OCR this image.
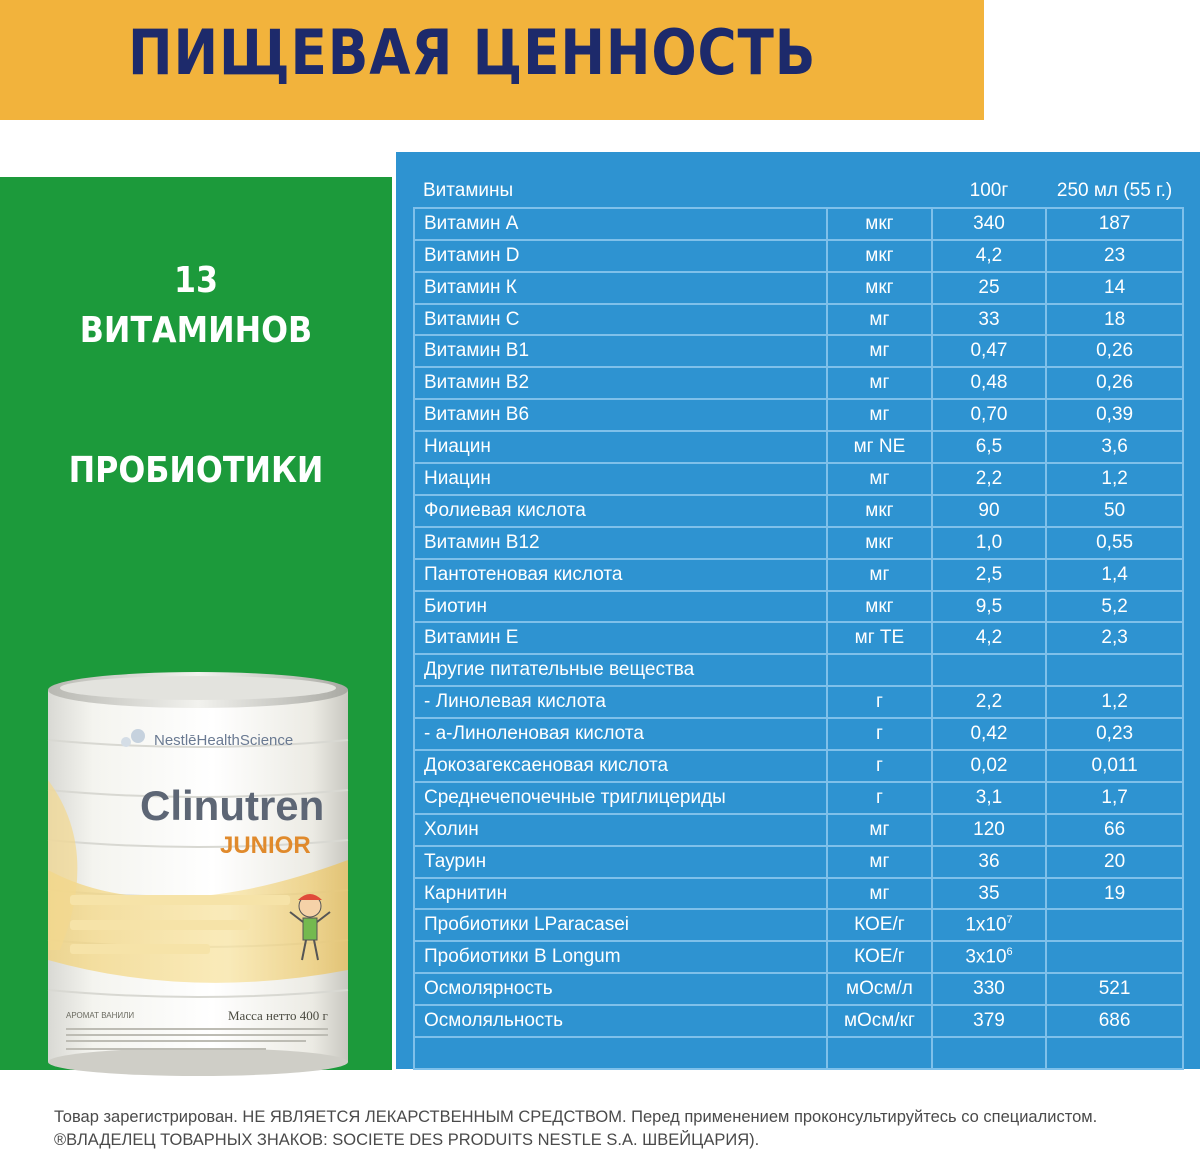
ПИЩЕВАЯ ЦЕННОСТЬ
13
ВИТАМИНОВ
ПРОБИОТИКИ
NestlēHealthScience
Clinutren
JUNIOR
АРОМАТ ВАНИЛИ	Масса нетто 400 г
Витамины		100г	250 мл (55 г.)
Витамин А	мкг	340	187
Витамин D	мкг	4,2	23
Витамин К	мкг	25	14
Витамин С	мг	33	18
Витамин В1	мг	0,47	0,26
Витамин В2	мг	0,48	0,26
Витамин В6	мг	0,70	0,39
Ниацин	мг NE	6,5	3,6
Ниацин	мг	2,2	1,2
Фолиевая кислота	мкг	90	50
Витамин В12	мкг	1,0	0,55
Пантотеновая кислота	мг	2,5	1,4
Биотин	мкг	9,5	5,2
Витамин Е	мг ТЕ	4,2	2,3
Другие питательные вещества			
- Линолевая кислота	г	2,2	1,2
- а-Линоленовая кислота	г	0,42	0,23
Докозагексаеновая кислота	г	0,02	0,011
Среднечепочечные триглицериды	г	3,1	1,7
Холин	мг	120	66
Таурин	мг	36	20
Карнитин	мг	35	19
Пробиотики LParacasei	КОЕ/г	$1x10^7$	
Пробиотики В Longum	КОЕ/г	$3x10^6$	
Осмолярность	мОсм/л	330	521
Осмоляльность	мОсм/кг	379	686

Товар зарегистрирован. НЕ ЯВЛЯЕТСЯ ЛЕКАРСТВЕННЫМ СРЕДСТВОМ. Перед применением проконсультируйтесь со специалистом.
®ВЛАДЕЛЕЦ ТОВАРНЫХ ЗНАКОВ: SOCIETE DES PRODUITS NESTLE S.A. ШВЕЙЦАРИЯ).
